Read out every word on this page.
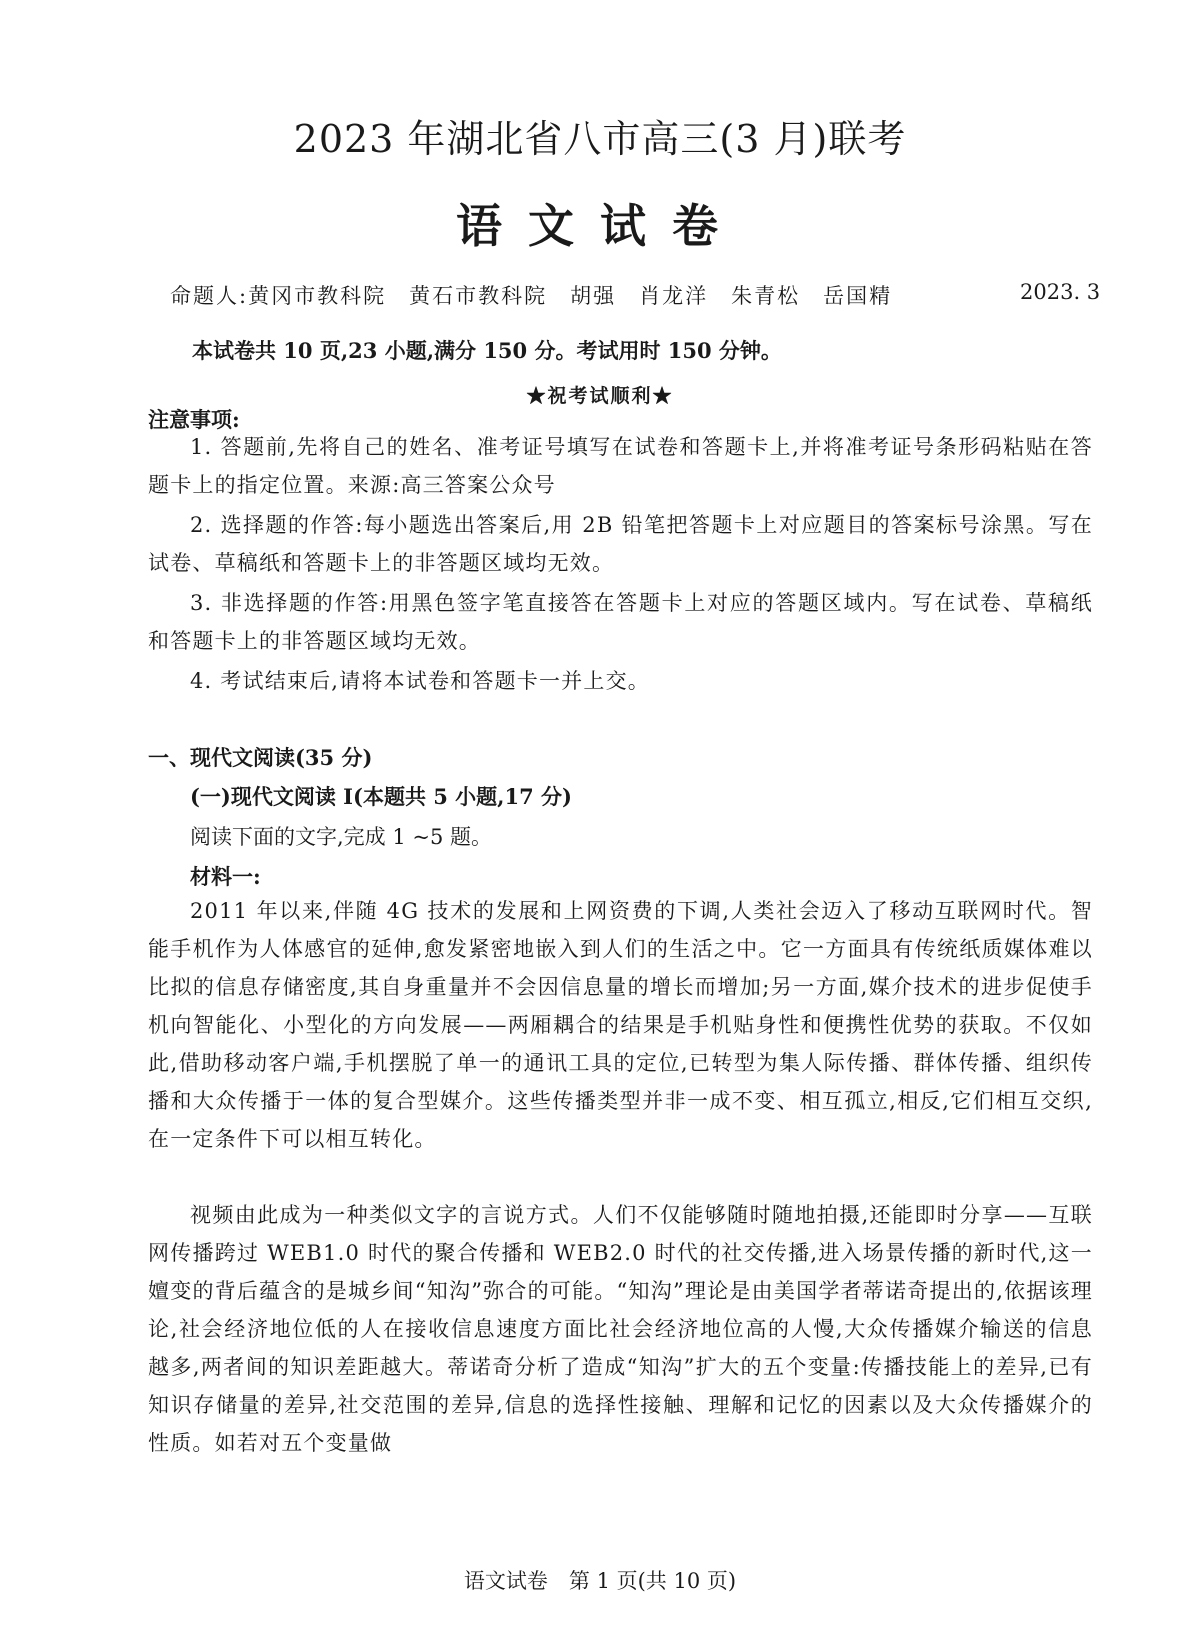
2023 年湖北省八市高三(3 月)联考
语文试卷
命题人:黄冈市教科院　黄石市教科院　胡强　肖龙洋　朱青松　岳国精	2023. 3
本试卷共 10 页,23 小题,满分 150 分。考试用时 150 分钟。
★祝考试顺利★
注意事项:
1. 答题前,先将自己的姓名、准考证号填写在试卷和答题卡上,并将准考证号条形码粘贴在答题卡上的指定位置。来源:高三答案公众号
2. 选择题的作答:每小题选出答案后,用 2B 铅笔把答题卡上对应题目的答案标号涂黑。写在试卷、草稿纸和答题卡上的非答题区域均无效。
3. 非选择题的作答:用黑色签字笔直接答在答题卡上对应的答题区域内。写在试卷、草稿纸和答题卡上的非答题区域均无效。
4. 考试结束后,请将本试卷和答题卡一并上交。
一、现代文阅读(35 分)
(一)现代文阅读 I(本题共 5 小题,17 分)
阅读下面的文字,完成 1 ~5 题。
材料一:
2011 年以来,伴随 4G 技术的发展和上网资费的下调,人类社会迈入了移动互联网时代。智能手机作为人体感官的延伸,愈发紧密地嵌入到人们的生活之中。它一方面具有传统纸质媒体难以比拟的信息存储密度,其自身重量并不会因信息量的增长而增加;另一方面,媒介技术的进步促使手机向智能化、小型化的方向发展——两厢耦合的结果是手机贴身性和便携性优势的获取。不仅如此,借助移动客户端,手机摆脱了单一的通讯工具的定位,已转型为集人际传播、群体传播、组织传播和大众传播于一体的复合型媒介。这些传播类型并非一成不变、相互孤立,相反,它们相互交织,在一定条件下可以相互转化。
视频由此成为一种类似文字的言说方式。人们不仅能够随时随地拍摄,还能即时分享——互联网传播跨过 WEB1.0 时代的聚合传播和 WEB2.0 时代的社交传播,进入场景传播的新时代,这一嬗变的背后蕴含的是城乡间“知沟”弥合的可能。“知沟”理论是由美国学者蒂诺奇提出的,依据该理论,社会经济地位低的人在接收信息速度方面比社会经济地位高的人慢,大众传播媒介输送的信息越多,两者间的知识差距越大。蒂诺奇分析了造成“知沟”扩大的五个变量:传播技能上的差异,已有知识存储量的差异,社交范围的差异,信息的选择性接触、理解和记忆的因素以及大众传播媒介的性质。如若对五个变量做
语文试卷　第 1 页(共 10 页)
